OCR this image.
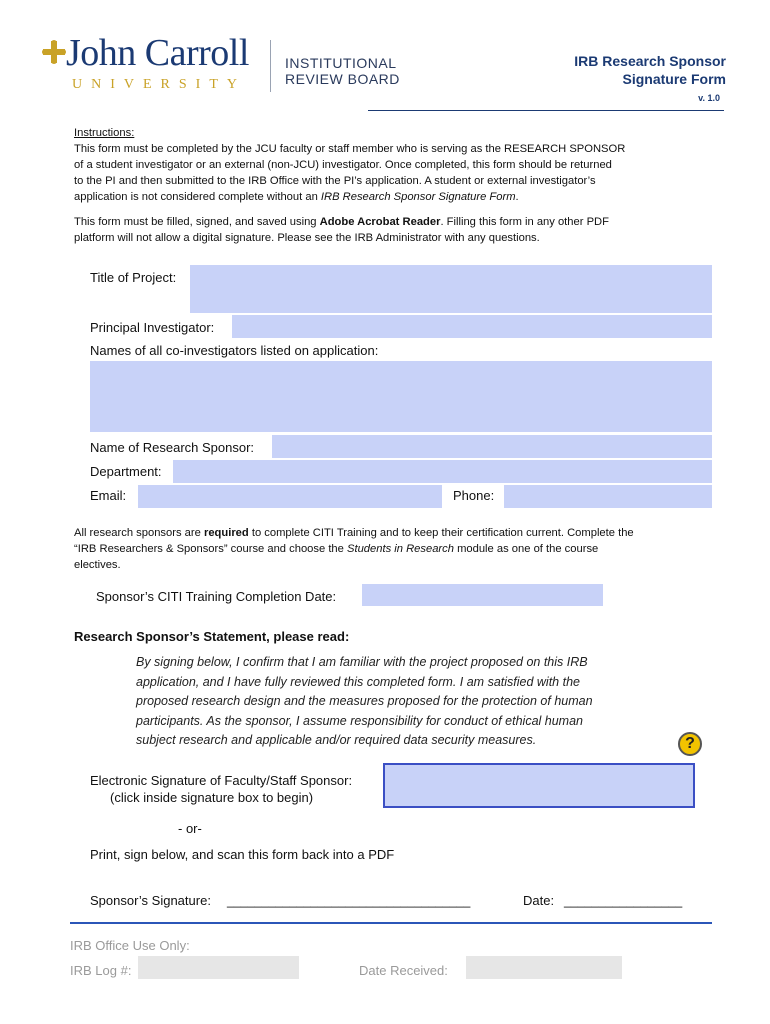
John Carroll
UNIVERSITY
INSTITUTIONAL
REVIEW BOARD
IRB Research Sponsor
Signature Form
v. 1.0
Instructions:
This form must be completed by the JCU faculty or staff member who is serving as the RESEARCH SPONSOR
of a student investigator or an external (non-JCU) investigator. Once completed, this form should be returned
to the PI and then submitted to the IRB Office with the PI’s application. A student or external investigator’s
application is not considered complete without an IRB Research Sponsor Signature Form.
This form must be filled, signed, and saved using Adobe Acrobat Reader. Filling this form in any other PDF
platform will not allow a digital signature. Please see the IRB Administrator with any questions.
Title of Project:
Principal Investigator:
Names of all co-investigators listed on application:
Name of Research Sponsor:
Department:
Email:	Phone:
All research sponsors are required to complete CITI Training and to keep their certification current. Complete the
“IRB Researchers & Sponsors” course and choose the Students in Research module as one of the course
electives.
Sponsor’s CITI Training Completion Date:
Research Sponsor’s Statement, please read:
By signing below, I confirm that I am familiar with the project proposed on this IRB
application, and I have fully reviewed this completed form. I am satisfied with the
proposed research design and the measures proposed for the protection of human
participants. As the sponsor, I assume responsibility for conduct of ethical human
subject research and applicable and/or required data security measures.	?
Electronic Signature of Faculty/Staff Sponsor:
(click inside signature box to begin)
- or-
Print, sign below, and scan this form back into a PDF
Sponsor’s Signature: ___________________________________	Date: _________________
IRB Office Use Only:
IRB Log #:	Date Received:
